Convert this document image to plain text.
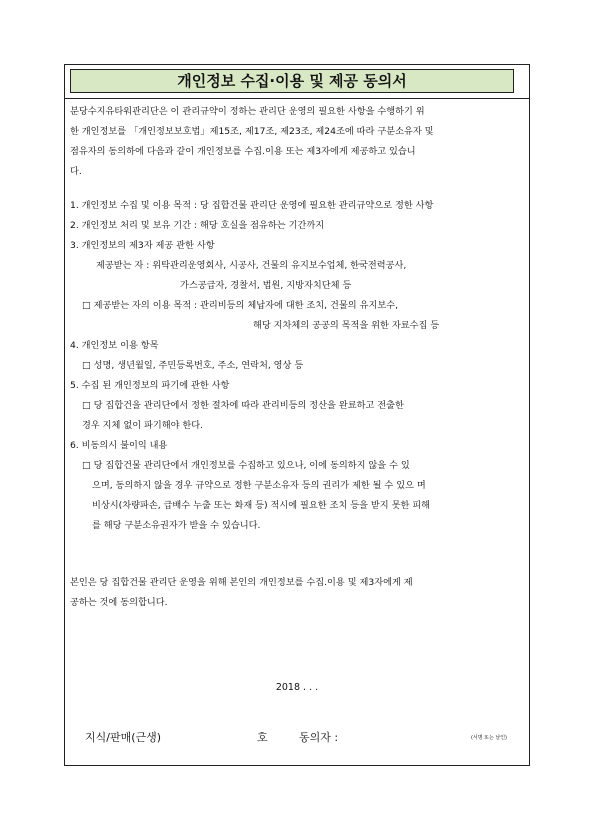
개인정보 수집·이용 및 제공 동의서
분당수지유타워관리단은 이 관리규약이 정하는 관리단 운영의 필요한 사항을 수행하기 위
한 개인정보를 「개인정보보호법」제15조, 제17조, 제23조, 제24조에 따라 구분소유자 및
점유자의 동의하에 다음과 같이 개인정보를 수집.이용 또는 제3자에게 제공하고 있습니
다.
1. 개인정보 수집 및 이용 목적 : 당 집합건물 관리단 운영에 필요한 관리규약으로 정한 사항
2. 개인정보 처리 및 보유 기간 : 해당 호실을 점유하는 기간까지
3. 개인정보의 제3자 제공 관한 사항
제공받는 자 : 위탁관리운영회사, 시공사, 건물의 유지보수업체, 한국전력공사,
가스공급자, 경찰서, 법원, 지방자치단체 등
□ 제공받는 자의 이용 목적 : 관리비등의 체납자에 대한 조치, 건물의 유지보수,
해당 지차체의 공공의 목적을 위한 자료수집 등
4. 개인정보 이용 항목
□ 성명, 생년월일, 주민등록번호, 주소, 연락처, 영상 등
5. 수집 된 개인정보의 파기에 관한 사항
□ 당 집합건을 관리단에서 정한 절차에 따라 관리비등의 정산을 완료하고 전출한
경우 지체 없이 파기해야 한다.
6. 비동의시 불이익 내용
□ 당 집합건물 관리단에서 개인정보를 수집하고 있으나, 이에 동의하지 않을 수 있
으며, 동의하지 않을 경우 규약으로 정한 구분소유자 등의 권리가 제한 될 수 있으 며
비상시(차량파손, 급배수 누출 또는 화재 등) 적시에 필요한 조치 등을 받지 못한 피해
를 해당 구분소유권자가 받을 수 있습니다.
본인은 당 집합건물 관리단 운영을 위해 본인의 개인정보를 수집.이용 및 제3자에게 제
공하는 것에 동의합니다.
2018 . . .
지식/판매(근생)	호	동의자 :	(서명 또는 날인)
